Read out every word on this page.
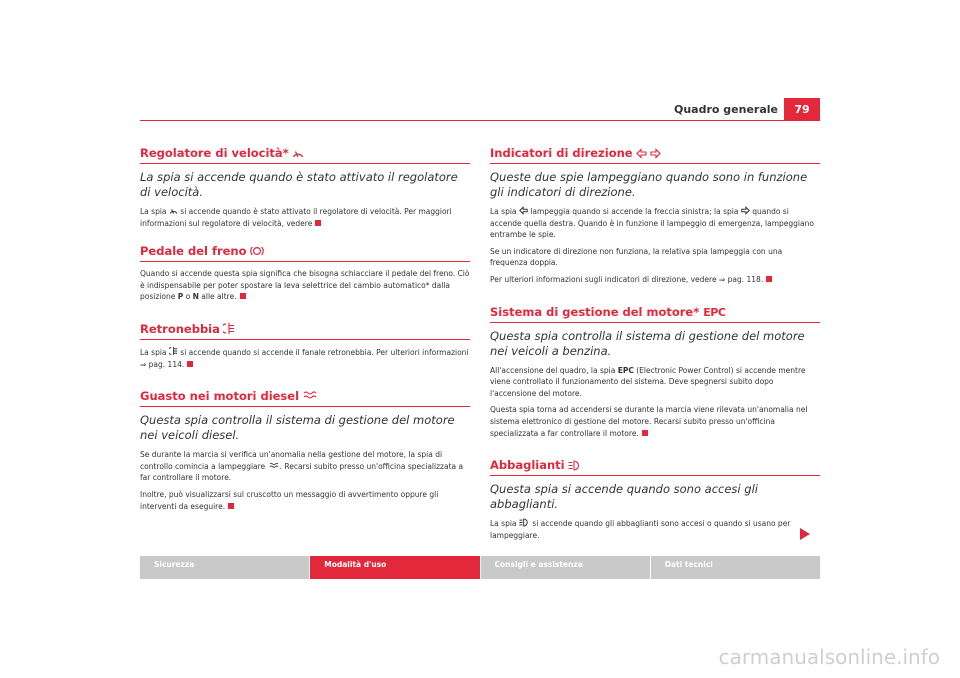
Quadro generale	79
Regolatore di velocità*

La spia si accende quando è stato attivato il regolatore di velocità.

La spia si accende quando è stato attivato il regolatore di velocità. Per maggiori informazioni sul regolatore di velocità, vedere

Pedale del freno

Quando si accende questa spia significa che bisogna schiacciare il pedale del freno. Ciò è indispensabile per poter spostare la leva selettrice del cambio automatico* dalla posizione P o N alle altre.

Retronebbia

La spia si accende quando si accende il fanale retronebbia. Per ulteriori informazioni ⇒ pag. 114.

Guasto nei motori diesel

Questa spia controlla il sistema di gestione del motore nei veicoli diesel.

Se durante la marcia si verifica un'anomalia nella gestione del motore, la spia di controllo comincia a lampeggiare . Recarsi subito presso un'officina specializzata a far controllare il motore.

Inoltre, può visualizzarsi sul cruscotto un messaggio di avvertimento oppure gli interventi da eseguire.

Indicatori di direzione

Queste due spie lampeggiano quando sono in funzione gli indicatori di direzione.

La spia lampeggia quando si accende la freccia sinistra; la spia quando si accende quella destra. Quando è in funzione il lampeggio di emergenza, lampeggiano entrambe le spie.

Se un indicatore di direzione non funziona, la relativa spia lampeggia con una frequenza doppia.

Per ulteriori informazioni sugli indicatori di direzione, vedere ⇒ pag. 118.

Sistema di gestione del motore* EPC

Questa spia controlla il sistema di gestione del motore nei veicoli a benzina.

All'accensione del quadro, la spia EPC (Electronic Power Control) si accende mentre viene controllato il funzionamento del sistema. Deve spegnersi subito dopo l'accensione del motore.

Questa spia torna ad accendersi se durante la marcia viene rilevata un'anomalia nel sistema elettronico di gestione del motore. Recarsi subito presso un'officina specializzata a far controllare il motore.

Abbaglianti

Questa spia si accende quando sono accesi gli abbaglianti.

La spia si accende quando gli abbaglianti sono accesi o quando si usano per lampeggiare.

Sicurezza	Modalità d'uso	Consigli e assistenza	Dati tecnici
carmanualsonline.info
